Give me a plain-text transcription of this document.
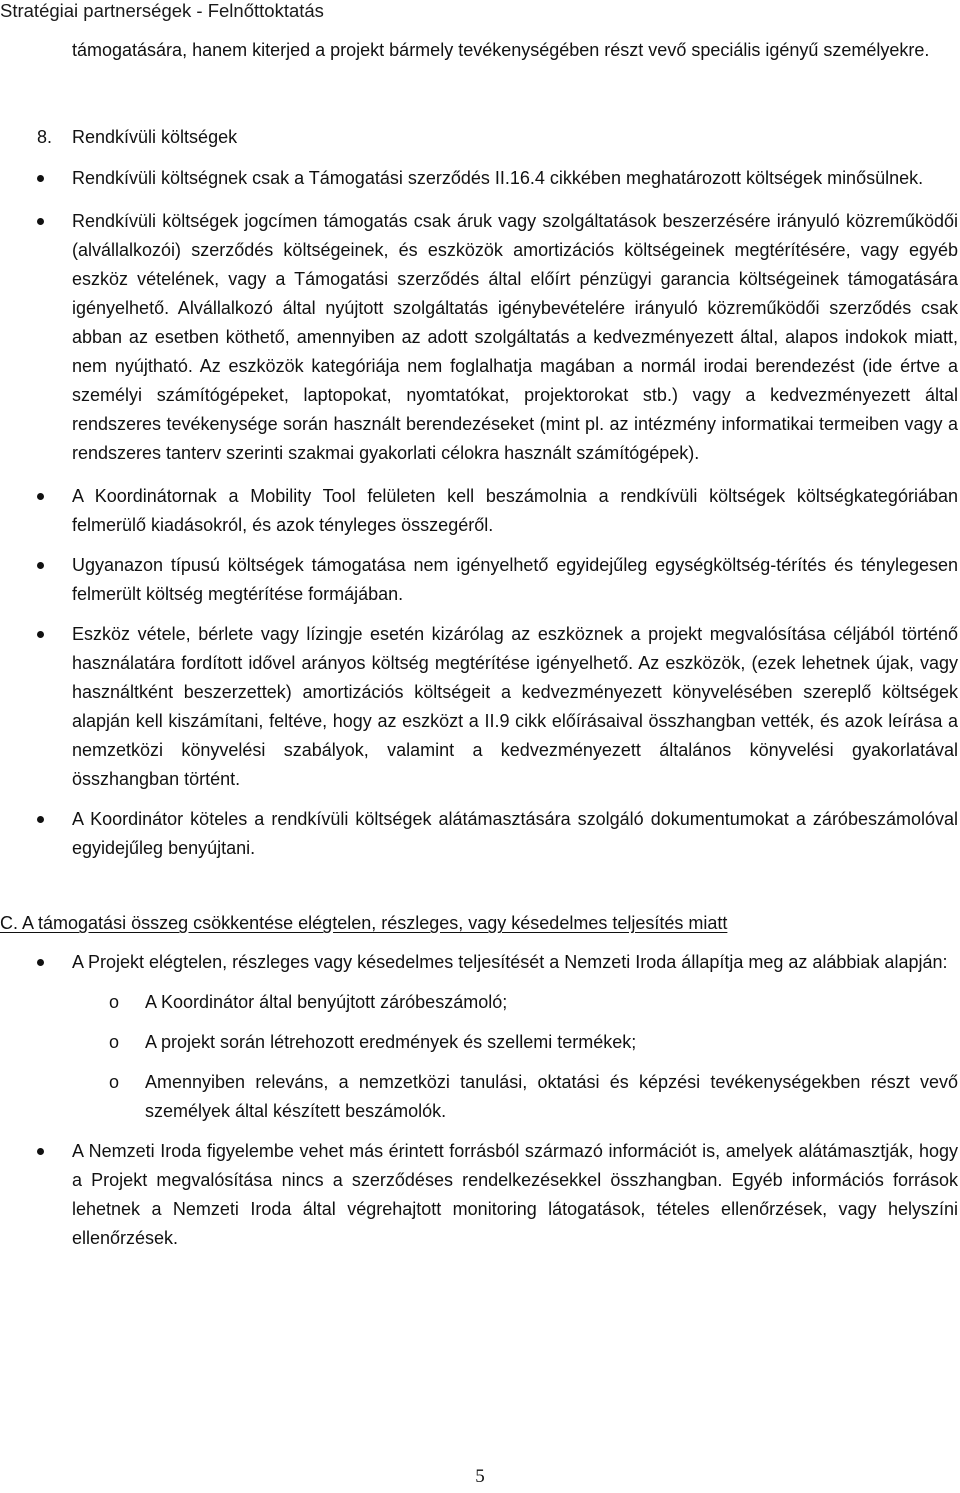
Stratégiai partnerségek - Felnőttoktatás

támogatására, hanem kiterjed a projekt bármely tevékenységében részt vevő speciális igényű személyekre.

8. Rendkívüli költségek
Rendkívüli költségnek csak a Támogatási szerződés II.16.4 cikkében meghatározott költségek minősülnek.
Rendkívüli költségek jogcímen támogatás csak áruk vagy szolgáltatások beszerzésére irányuló közreműködői (alvállalkozói) szerződés költségeinek, és eszközök amortizációs költségeinek megtérítésére, vagy egyéb eszköz vételének, vagy a Támogatási szerződés által előírt pénzügyi garancia költségeinek támogatására igényelhető. Alvállalkozó által nyújtott szolgáltatás igénybevételére irányuló közreműködői szerződés csak abban az esetben köthető, amennyiben az adott szolgáltatás a kedvezményezett által, alapos indokok miatt, nem nyújtható. Az eszközök kategóriája nem foglalhatja magában a normál irodai berendezést (ide értve a személyi számítógépeket, laptopokat, nyomtatókat, projektorokat stb.) vagy a kedvezményezett által rendszeres tevékenysége során használt berendezéseket (mint pl. az intézmény informatikai termeiben vagy a rendszeres tanterv szerinti szakmai gyakorlati célokra használt számítógépek).
A Koordinátornak a Mobility Tool felületen kell beszámolnia a rendkívüli költségek költségkategóriában felmerülő kiadásokról, és azok tényleges összegéről.
Ugyanazon típusú költségek támogatása nem igényelhető egyidejűleg egységköltség-térítés és ténylegesen felmerült költség megtérítése formájában.
Eszköz vétele, bérlete vagy lízingje esetén kizárólag az eszköznek a projekt megvalósítása céljából történő használatára fordított idővel arányos költség megtérítése igényelhető. Az eszközök, (ezek lehetnek újak, vagy használtként beszerzettek) amortizációs költségeit a kedvezményezett könyvelésében szereplő költségek alapján kell kiszámítani, feltéve, hogy az eszközt a II.9 cikk előírásaival összhangban vették, és azok leírása a nemzetközi könyvelési szabályok, valamint a kedvezményezett általános könyvelési gyakorlatával összhangban történt.
A Koordinátor köteles a rendkívüli költségek alátámasztására szolgáló dokumentumokat a záróbeszámolóval egyidejűleg benyújtani.

C. A támogatási összeg csökkentése elégtelen, részleges, vagy késedelmes teljesítés miatt

A Projekt elégtelen, részleges vagy késedelmes teljesítését a Nemzeti Iroda állapítja meg az alábbiak alapján:
o A Koordinátor által benyújtott záróbeszámoló;
o A projekt során létrehozott eredmények és szellemi termékek;
o Amennyiben releváns, a nemzetközi tanulási, oktatási és képzési tevékenységekben részt vevő személyek által készített beszámolók.
A Nemzeti Iroda figyelembe vehet más érintett forrásból származó információt is, amelyek alátámasztják, hogy a Projekt megvalósítása nincs a szerződéses rendelkezésekkel összhangban. Egyéb információs források lehetnek a Nemzeti Iroda által végrehajtott monitoring látogatások, tételes ellenőrzések, vagy helyszíni ellenőrzések.
5
